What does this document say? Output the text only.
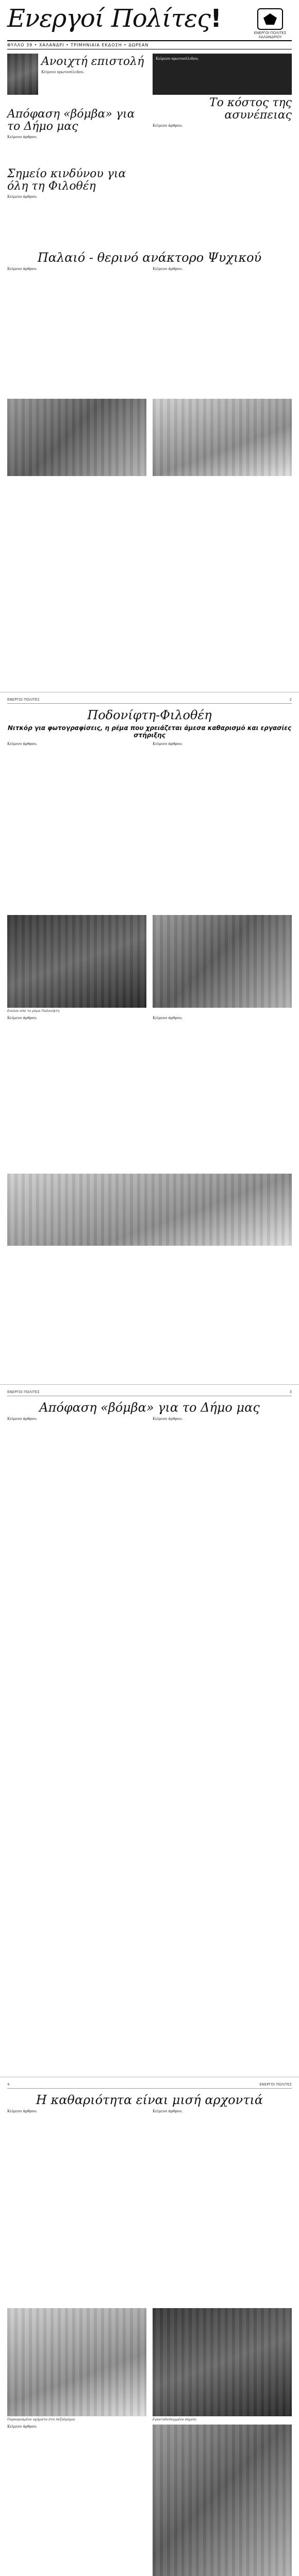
Ενεργοί Πολίτες!	ΕΝΕΡΓΟΙ ΠΟΛΙΤΕΣ ΧΑΛΑΝΔΡΙΟΥ
ΦΥΛΛΟ 39 • ΧΑΛΑΝΔΡΙ • ΤΡΙΜΗΝΙΑΙΑ ΕΚΔΟΣΗ • ΔΩΡΕΑΝ
Ανοιχτή επιστολή
Κείμενο πρωτοσέλιδου.
Απόφαση «βόμβα» για το Δήμο μας
Κείμενο άρθρου.
Σημείο κινδύνου για όλη τη Φιλοθέη
Κείμενο άρθρου.
Κείμενο πρωτοσέλιδου.
Το κόστος της ασυνέπειας
Κείμενο άρθρου.
Παλαιό - θερινό ανάκτορο Ψυχικού
Κείμενο άρθρου.	Κείμενο άρθρου.
ΕΝΕΡΓΟΙ ΠΟΛΙΤΕΣ	2
Ποδονίφτη-Φιλοθέη
Νιτκόρ για φωτογραφίσεις, η ρέμα που χρειάζεται άμεσα καθαρισμό και εργασίες στήριξης
Κείμενο άρθρου.	Κείμενο άρθρου.
Εικόνα από το ρέμα Ποδονίφτη
Κείμενο άρθρου.	Κείμενο άρθρου.
ΕΝΕΡΓΟΙ ΠΟΛΙΤΕΣ	3
Απόφαση «βόμβα» για το Δήμο μας
Κείμενο άρθρου.	Κείμενο άρθρου.
4	ΕΝΕΡΓΟΙ ΠΟΛΙΤΕΣ
Η καθαριότητα είναι μισή αρχοντιά
Κείμενο άρθρου.	Κείμενο άρθρου.
Παρκαρισμένα οχήματα στο πεζοδρόμιο	Εγκαταλελειμμένο σημείο
Κείμενο άρθρου.
